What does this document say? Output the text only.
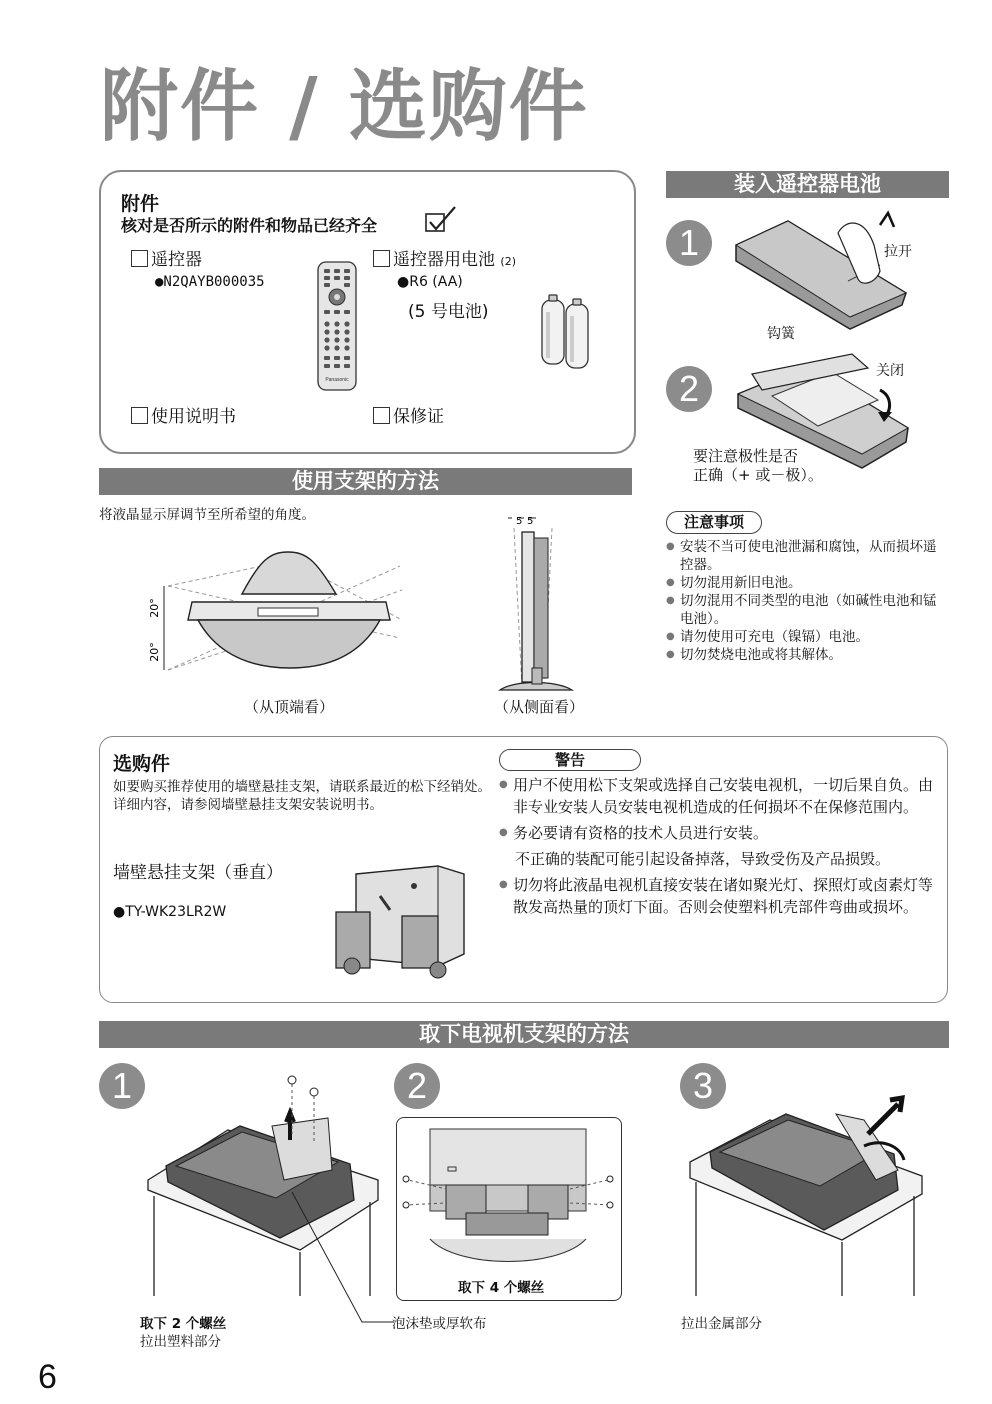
附件 / 选购件
附件
核对是否所示的附件和物品已经齐全
遥控器
●N2QAYB000035
遥控器用电池 (2)
●R6 (AA)
(5 号电池)
使用说明书	保修证
Panasonic
装入遥控器电池
1
2
拉开
钩簧
关闭
要注意极性是否
正确（+ 或－极）。
注意事项
● 安装不当可使电池泄漏和腐蚀，从而损坏遥控器。
● 切勿混用新旧电池。
● 切勿混用不同类型的电池（如碱性电池和锰电池）。
● 请勿使用可充电（镍镉）电池。
● 切勿焚烧电池或将其解体。
使用支架的方法
将液晶显示屏调节至所希望的角度。
20°
20°
（从顶端看）
5 5
（从侧面看）
选购件
如要购买推荐使用的墙壁悬挂支架，请联系最近的松下经销处。详细内容，请参阅墙壁悬挂支架安装说明书。
墙壁悬挂支架（垂直）
●TY-WK23LR2W
警告
● 用户不使用松下支架或选择自己安装电视机，一切后果自负。由非专业安装人员安装电视机造成的任何损坏不在保修范围内。
● 务必要请有资格的技术人员进行安装。
不正确的装配可能引起设备掉落，导致受伤及产品损毁。
● 切勿将此液晶电视机直接安装在诸如聚光灯、探照灯或卤素灯等散发高热量的顶灯下面。否则会使塑料机壳部件弯曲或损坏。
取下电视机支架的方法
1	2	3
取下 2 个螺丝
拉出塑料部分
泡沫垫或厚软布
取下 4 个螺丝
拉出金属部分
6
